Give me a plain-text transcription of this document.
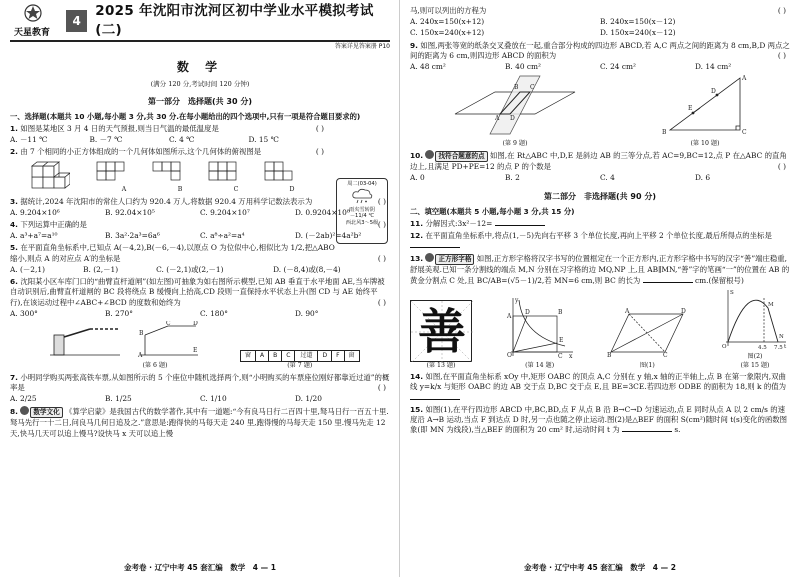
天星教育
4
2025 年沈阳市沈河区初中学业水平模拟考试(二)
答案详见答案册 P10
数 学
(满分 120 分,考试时间 120 分钟)
第一部分　选择题(共 30 分)
一、选择题(本题共 10 小题,每小题 3 分,共 30 分.在每小题给出的四个选项中,只有一项是符合题目要求的)
1. 如图是某地区 3 月 4 日的天气预报,则当日气温的最低温度是	( )
A. －11 ℃	B. －7 ℃	C. 4 ℃	D. 15 ℃
周二(03-04)
雨夹雪转阴
－11/4 ℃
西北风3～5级
2. 由 7 个相同的小正方体组成的一个几何体如图所示,这个几何体的俯视图是	( )
A	B	C	D
3. 据统计,2024 年沈阳市的常住人口约为 920.4 万人,将数据 920.4 万用科学记数法表示为	( )
A. 9.204×10⁶	B. 92.04×10⁵	C. 9.204×10⁷	D. 0.9204×10⁸
4. 下列运算中正确的是	( )
A. a³+a⁷=a¹⁰	B. 3a²·2a³=6a⁶	C. a⁸÷a²=a⁴	D. (－2ab)²=4a²b²
5. 在平面直角坐标系中,已知点 A(－4,2),B(－6,－4),以原点 O 为位似中心,相似比为 1/2,把△ABO
缩小,则点 A 的对应点 A′的坐标是	( )
A. (－2,1)	B. (2,－1)	C. (－2,1)或(2,－1)	D. (－8,4)或(8,－4)
6. 沈阳某小区车库门口的“曲臂直杆道闸”(如左图)可抽象为如右图所示模型,已知 AB 垂直于水平地面 AE,当车牌被自动识别后,曲臂直杆道闸的 BC 段将绕点 B 缓慢向上抬高,CD 段则一直保持水平状态上升(图 CD 与 AE 始终平行),在该运动过程中∠ABC+∠BCD 的度数和始终为	( )
A. 300°	B. 270°	C. 180°	D. 90°
A
B
C	D
E
(第 6 题)
窗	A	B	C	过道	D	F	窗
(第 7 题)
7. 小明同学购买两张高铁车票,从如图所示的 5 个座位中随机选择两个,则“小明购买的车票座位刚好都靠近过道”的概率是	( )
A. 2/25	B. 1/25	C. 1/10	D. 1/20
8. 数学文化 《算学启蒙》是我国古代的数学著作,其中有一道题:“今有良马日行二百四十里,驽马日行一百五十里.驽马先行一十二日,问良马几何日追及之.”意思是:跑得快的马每天走 240 里,跑得慢的马每天走 150 里.慢马先走 12 天,快马几天可以追上慢马?设快马 x 天可以追上慢
金考卷 · 辽宁中考 45 套汇编　数学　4 — 1
马,则可以列出的方程为	( )
A. 240x=150(x+12)	B. 240x=150(x－12)
C. 150x=240(x+12)	D. 150x=240(x－12)
9. 如图,两张等宽的纸条交叉叠放在一起,重合部分构成的四边形 ABCD,若 A,C 两点之间的距离为 8 cm,B,D 两点之间的距离为 6 cm,则四边形 ABCD 的面积为	( )
A. 48 cm²	B. 40 cm²	C. 24 cm²	D. 14 cm²
A
B C
D
(第 9 题)
A
B	C
E
D
(第 10 题)
10. 找符合题意的点 如图,在 Rt△ABC 中,D,E 是斜边 AB 的三等分点,若 AC=9,BC=12,点 P 在△ABC 的直角边上,且满足 PD+PE=12 的点 P 的个数是	( )
A. 0	B. 2	C. 4	D. 6
第二部分　非选择题(共 90 分)
二、填空题(本题共 5 小题,每小题 3 分,共 15 分)
11. 分解因式:3x²－12=
12. 在平面直角坐标系中,将点(1,－5)先向右平移 3 个单位长度,再向上平移 2 个单位长度,最后所得点的坐标是
13. 正方形字格 如图,正方形字格将汉字书写的位置框定在一个正方形内,正方形字格中书写的汉字“善”端庄稳重,舒展美观.已知一条分割线的端点 M,N 分别在习字格的边 MQ,NP 上,且 AB∥MN,“善”字的笔画“一”的位置在 AB 的黄金分割点 C 处,且 BC/AB=(√5－1)/2,若 MN=6 cm,则 BC 的长为	cm.(保留根号)
善
(第 13 题)
O
A
B
C
D
E
x
y
(第 14 题)
A
B	C
D
图(1)
O	4.5 7.5 t
S
M
N
图(2)
(第 15 题)
14. 如图,在平面直角坐标系 xOy 中,矩形 OABC 的顶点 A,C 分别在 y 轴,x 轴的正半轴上,点 B 在第一象限内,双曲线 y=k/x 与矩形 OABC 的边 AB 交于点 D,BC 交于点 E,且 BE=3CE.若四边形 ODBE 的面积为 18,则 k 的值为
15. 如图(1),在平行四边形 ABCD 中,BC,BD,点 F 从点 B 沿 B→C→D 匀速运动,点 E 同时从点 A 以 2 cm/s 的速度沿 A→B 运动,当点 F 到达点 D 时,另一点也随之停止运动.图(2)是△BEF 的面积 S(cm²)随时间 t(s)变化的函数图象(即 MN 为线段),当△BEF 的面积为 20 cm² 时,运动时间 t 为	s.
金考卷 · 辽宁中考 45 套汇编　数学　4 — 2
